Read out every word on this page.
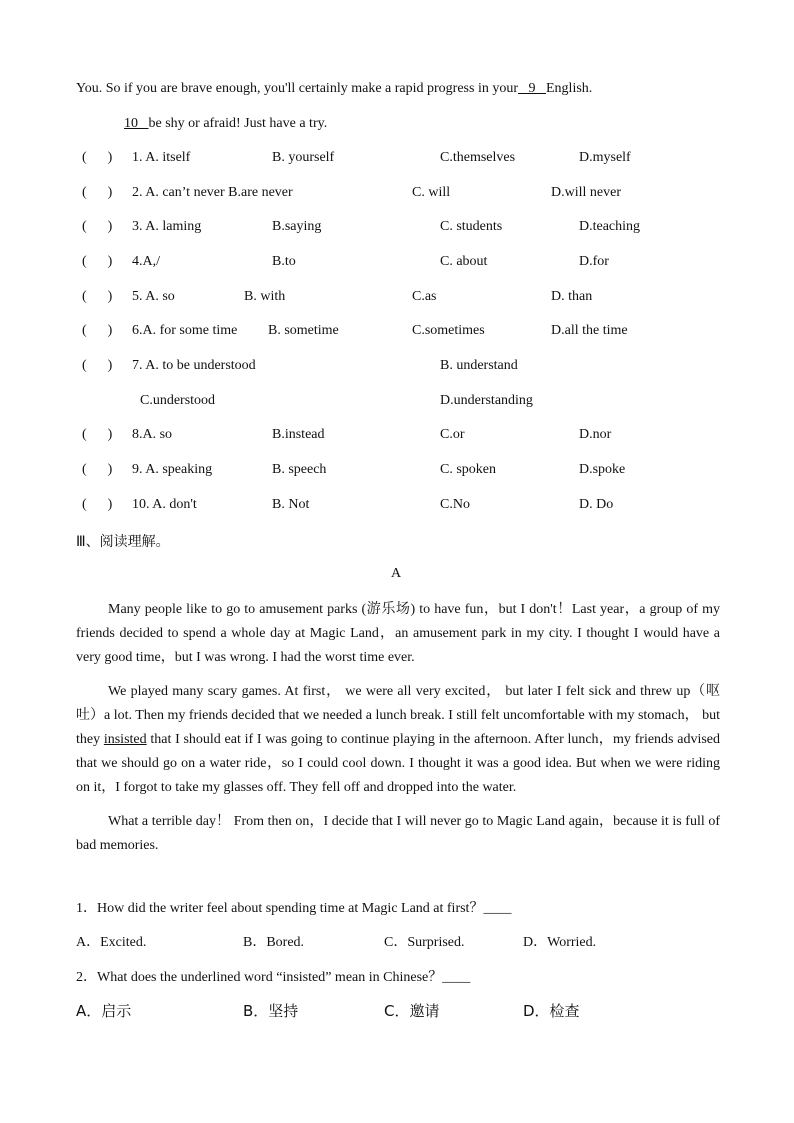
You. So if you are brave enough, you'll certainly make a rapid progress in your   9   English.
10   be shy or afraid! Just have a try.
(      ) 1. A. itself	B. yourself	C.themselves	D.myself
(      ) 2. A. can’t never B.are never	C. will	D.will never
(      ) 3. A. laming	B.saying	C. students	D.teaching
(      ) 4.A,/	B.to	C. about	D.for
(      ) 5. A. so	B. with	C.as	D. than
(      ) 6.A. for some time B. sometime	C.sometimes	D.all the time
(      ) 7. A. to be understood	B. understand
C.understood	D.understanding
(      ) 8.A. so	B.instead	C.or	D.nor
(      ) 9. A. speaking	B. speech	C. spoken	D.spoke
(      ) 10. A. don't	B. Not	C.No	D. Do
Ⅲ、阅读理解。
A

Many people like to go to amusement parks (游乐场) to have fun，but I don't！Last year，a group of my friends decided to spend a whole day at Magic Land，an amusement park in my city. I thought I would have a very good time，but I was wrong. I had the worst time ever.

We played many scary games. At first， we were all very excited， but later I felt sick and threw up（呕吐）a lot. Then my friends decided that we needed a lunch break. I still felt uncomfortable with my stomach， but they insisted that I should eat if I was going to continue playing in the afternoon. After lunch，my friends advised that we should go on a water ride，so I could cool down. I thought it was a good idea. But when we were riding on it，I forgot to take my glasses off. They fell off and dropped into the water.

What a terrible day！ From then on，I decide that I will never go to Magic Land again，because it is full of bad memories.

1．How did the writer feel about spending time at Magic Land at first？____
A．Excited.	B．Bored.	C．Surprised.	D．Worried.
2．What does the underlined word “insisted” mean in Chinese？____
A．启示	B．坚持	C．邀请	D．检查
